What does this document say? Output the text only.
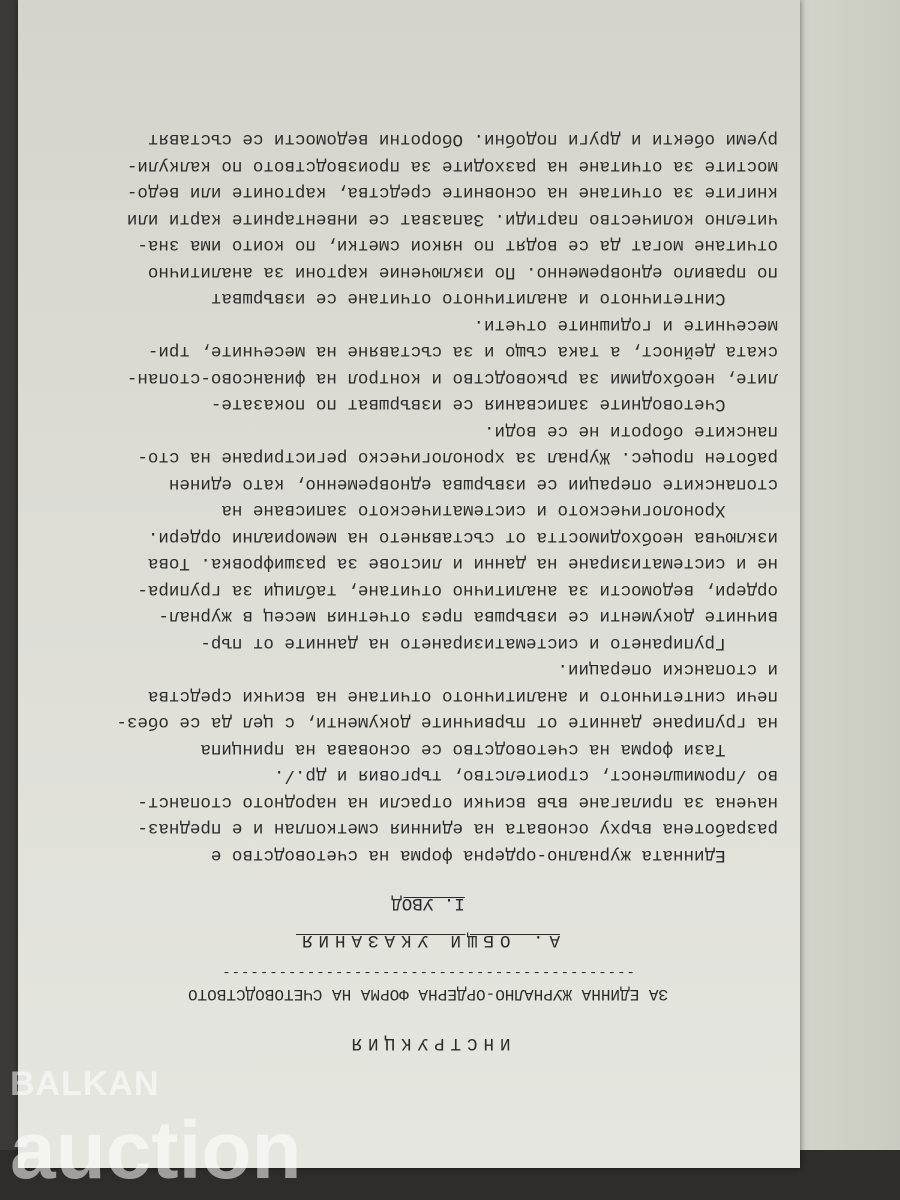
ИНСТРУКЦИЯ
ЗА ЕДИННА ЖУРНАЛНО-ОРДЕРНА ФОРМА НА СЧЕТОВОДСТВОТО
--------------------------------------------
А. ОБЩИ УКАЗАНИЯ
I. УВОД
Единната журнално-ордерна форма на счетоводство е
разработена върху основата на единния сметкоплан и е предназ-
начена за прилагане във всички отрасли на народното стопанст-
во /промишленост, строителство, търговия и др./.
Тази форма на счетоводство се основава на принципа
на групиране данните от първичните документи, с цел да се обез-
печи синтетичното и аналитичното отчитане на всички средства
и стопански операции.
Групирането и систематизирането на данните от пър-
вичните документи се извършва през отчетния месец в журнал-
ордери, ведомости за аналитично отчитане, таблици за групира-
не и систематизиране на данни и листове за разшифровка. Това
изключва необходимостта от съставянето на мемориални ордери.
Хронологическото и систематическото записване на
стопанските операции се извършва едновременно, като единен
работен процес. Журнал за хронологическо регистриране на сто-
панските обороти не се води.
Счетоводните записвания се извършват по показате-
лите, необходими за ръководство и контрол на финансово-стопан-
ската дейност, а така също и за съставяне на месечните, три-
месечните и годишните отчети.
Синтетичното и аналитичното отчитане се извършват
по правило едновременно. По изключение картони за аналитично
отчитане могат да се водят по някои сметки, по които има зна-
чително количество партиди. Запазват се инвентарните карти или
книгите за отчитане на основните средства, картоните или ведо-
мостите за отчитане на разходите за производството по калкули-
руеми обекти и други подобни. Оборотни ведомости се съставят
BALKAN
auction
